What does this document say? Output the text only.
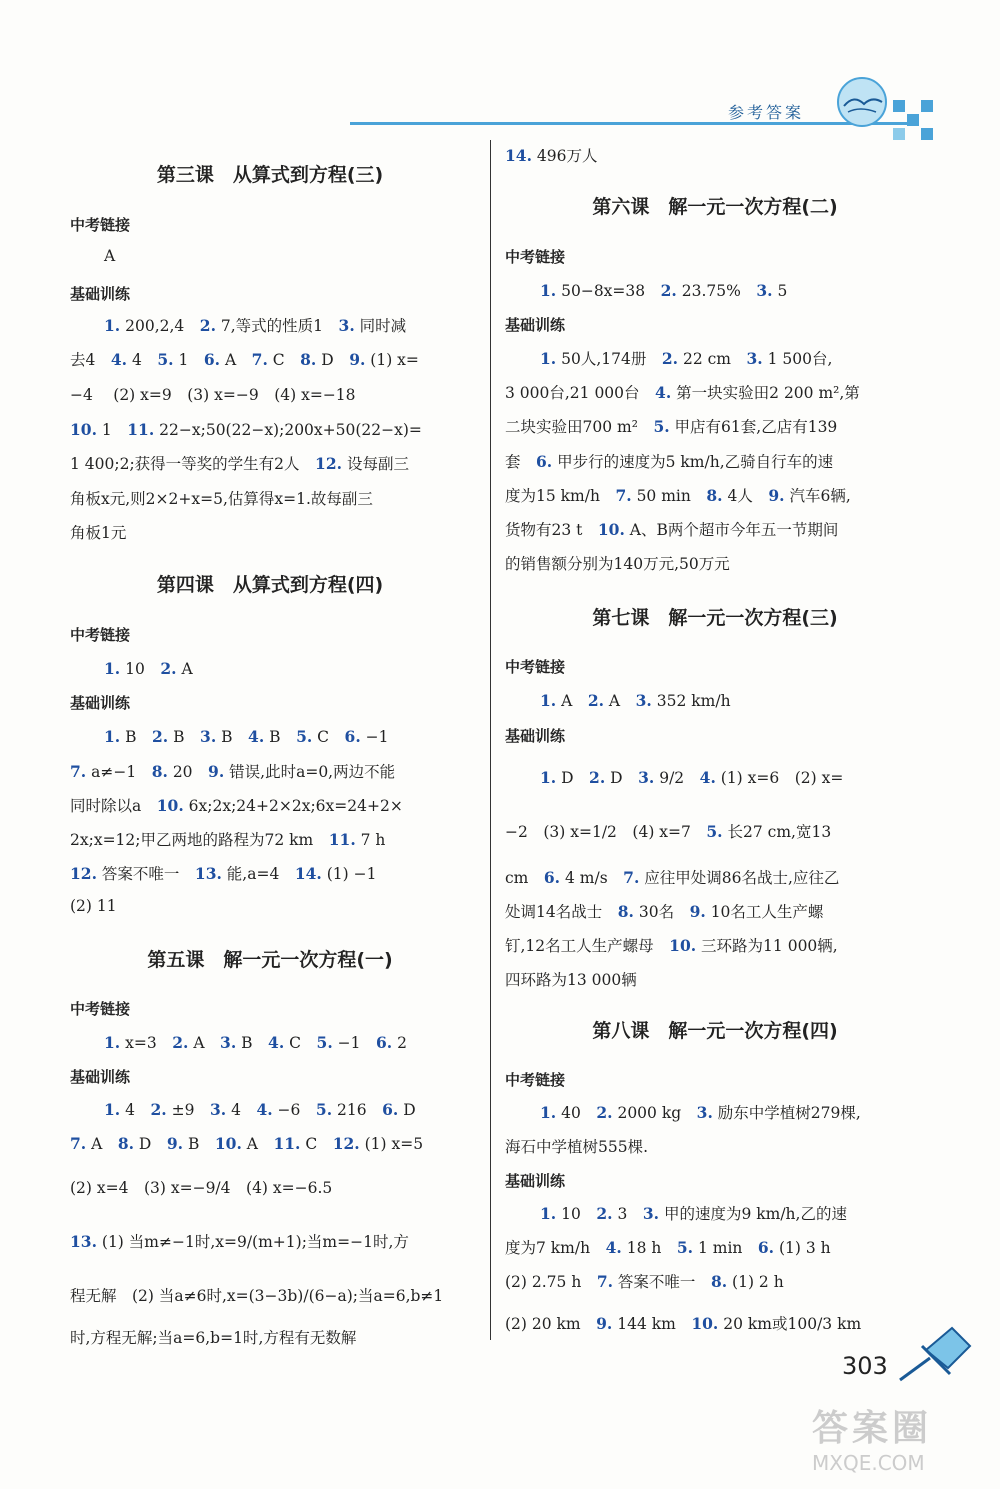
参考答案
第三课　从算式到方程(三)
中考链接
A
基础训练
1. 200,2,4　2. 7,等式的性质1　3. 同时减
去4　4. 4　5. 1　6. A　7. C　8. D　9. (1) x=
−4　 (2) x=9　(3) x=−9　(4) x=−18
10. 1　11. 22−x;50(22−x);200x+50(22−x)=
1 400;2;获得一等奖的学生有2人　12. 设每副三
角板x元,则2×2+x=5,估算得x=1.故每副三
角板1元
第四课　从算式到方程(四)
中考链接
1. 10　2. A
基础训练
1. B　2. B　3. B　4. B　5. C　6. −1
7. a≠−1　8. 20　9. 错误,此时a=0,两边不能
同时除以a　10. 6x;2x;24+2×2x;6x=24+2×
2x;x=12;甲乙两地的路程为72 km　11. 7 h
12. 答案不唯一　13. 能,a=4　14. (1) −1
(2) 11
第五课　解一元一次方程(一)
中考链接
1. x=3　2. A　3. B　4. C　5. −1　6. 2
基础训练
1. 4　2. ±9　3. 4　4. −6　5. 216　6. D
7. A　8. D　9. B　10. A　11. C　12. (1) x=5
(2) x=4　(3) x=−9/4　(4) x=−6.5
13. (1) 当m≠−1时,x=9/(m+1);当m=−1时,方
程无解　(2) 当a≠6时,x=(3−3b)/(6−a);当a=6,b≠1
时,方程无解;当a=6,b=1时,方程有无数解
14. 496万人
第六课　解一元一次方程(二)
中考链接
1. 50−8x=38　2. 23.75%　3. 5
基础训练
1. 50人,174册　2. 22 cm　3. 1 500台,
3 000台,21 000台　4. 第一块实验田2 200 m²,第
二块实验田700 m²　5. 甲店有61套,乙店有139
套　6. 甲步行的速度为5 km/h,乙骑自行车的速
度为15 km/h　7. 50 min　8. 4人　9. 汽车6辆,
货物有23 t　10. A、B两个超市今年五一节期间
的销售额分别为140万元,50万元
第七课　解一元一次方程(三)
中考链接
1. A　2. A　3. 352 km/h
基础训练
1. D　2. D　3. 9/2　4. (1) x=6　(2) x=
−2　(3) x=1/2　(4) x=7　5. 长27 cm,宽13
cm　6. 4 m/s　7. 应往甲处调86名战士,应往乙
处调14名战士　8. 30名　9. 10名工人生产螺
钉,12名工人生产螺母　10. 三环路为11 000辆,
四环路为13 000辆
第八课　解一元一次方程(四)
中考链接
1. 40　2. 2000 kg　3. 励东中学植树279棵,
海石中学植树555棵.
基础训练
1. 10　2. 3　3. 甲的速度为9 km/h,乙的速
度为7 km/h　4. 18 h　5. 1 min　6. (1) 3 h
(2) 2.75 h　7. 答案不唯一　8. (1) 2 h
(2) 20 km　9. 144 km　10. 20 km或100/3 km
303
答案圈
MXQE.COM
